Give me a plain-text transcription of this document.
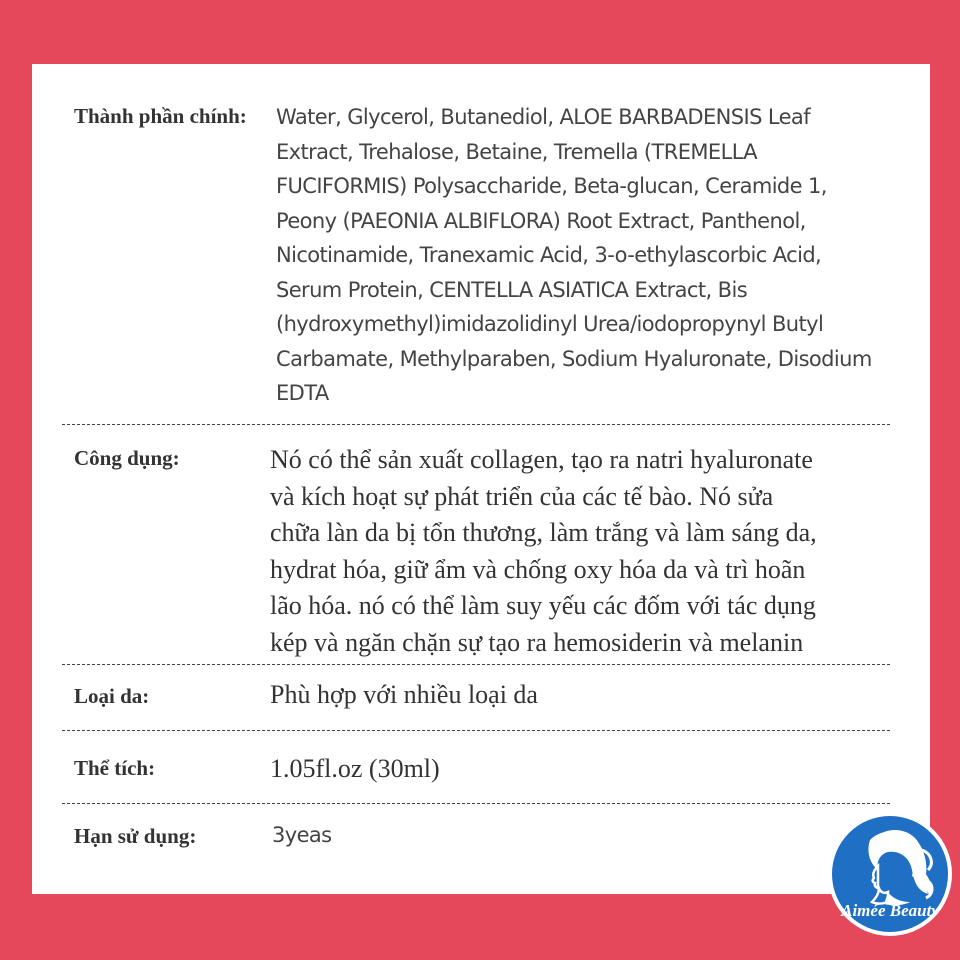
Thành phần chính: Water, Glycerol, Butanediol, ALOE BARBADENSIS Leaf
Extract, Trehalose, Betaine, Tremella (TREMELLA
FUCIFORMIS) Polysaccharide, Beta-glucan, Ceramide 1,
Peony (PAEONIA ALBIFLORA) Root Extract, Panthenol,
Nicotinamide, Tranexamic Acid, 3-o-ethylascorbic Acid,
Serum Protein, CENTELLA ASIATICA Extract, Bis
(hydroxymethyl)imidazolidinyl Urea/iodopropynyl Butyl
Carbamate, Methylparaben, Sodium Hyaluronate, Disodium
EDTA
Công dụng:	Nó có thể sản xuất collagen, tạo ra natri hyaluronate
và kích hoạt sự phát triển của các tế bào. Nó sửa
chữa làn da bị tổn thương, làm trắng và làm sáng da,
hydrat hóa, giữ ẩm và chống oxy hóa da và trì hoãn
lão hóa. nó có thể làm suy yếu các đốm với tác dụng
kép và ngăn chặn sự tạo ra hemosiderin và melanin
Loại da:	Phù hợp với nhiều loại da
Thể tích:	1.05fl.oz (30ml)
Hạn sử dụng:	3yeas
Aimée Beauty
